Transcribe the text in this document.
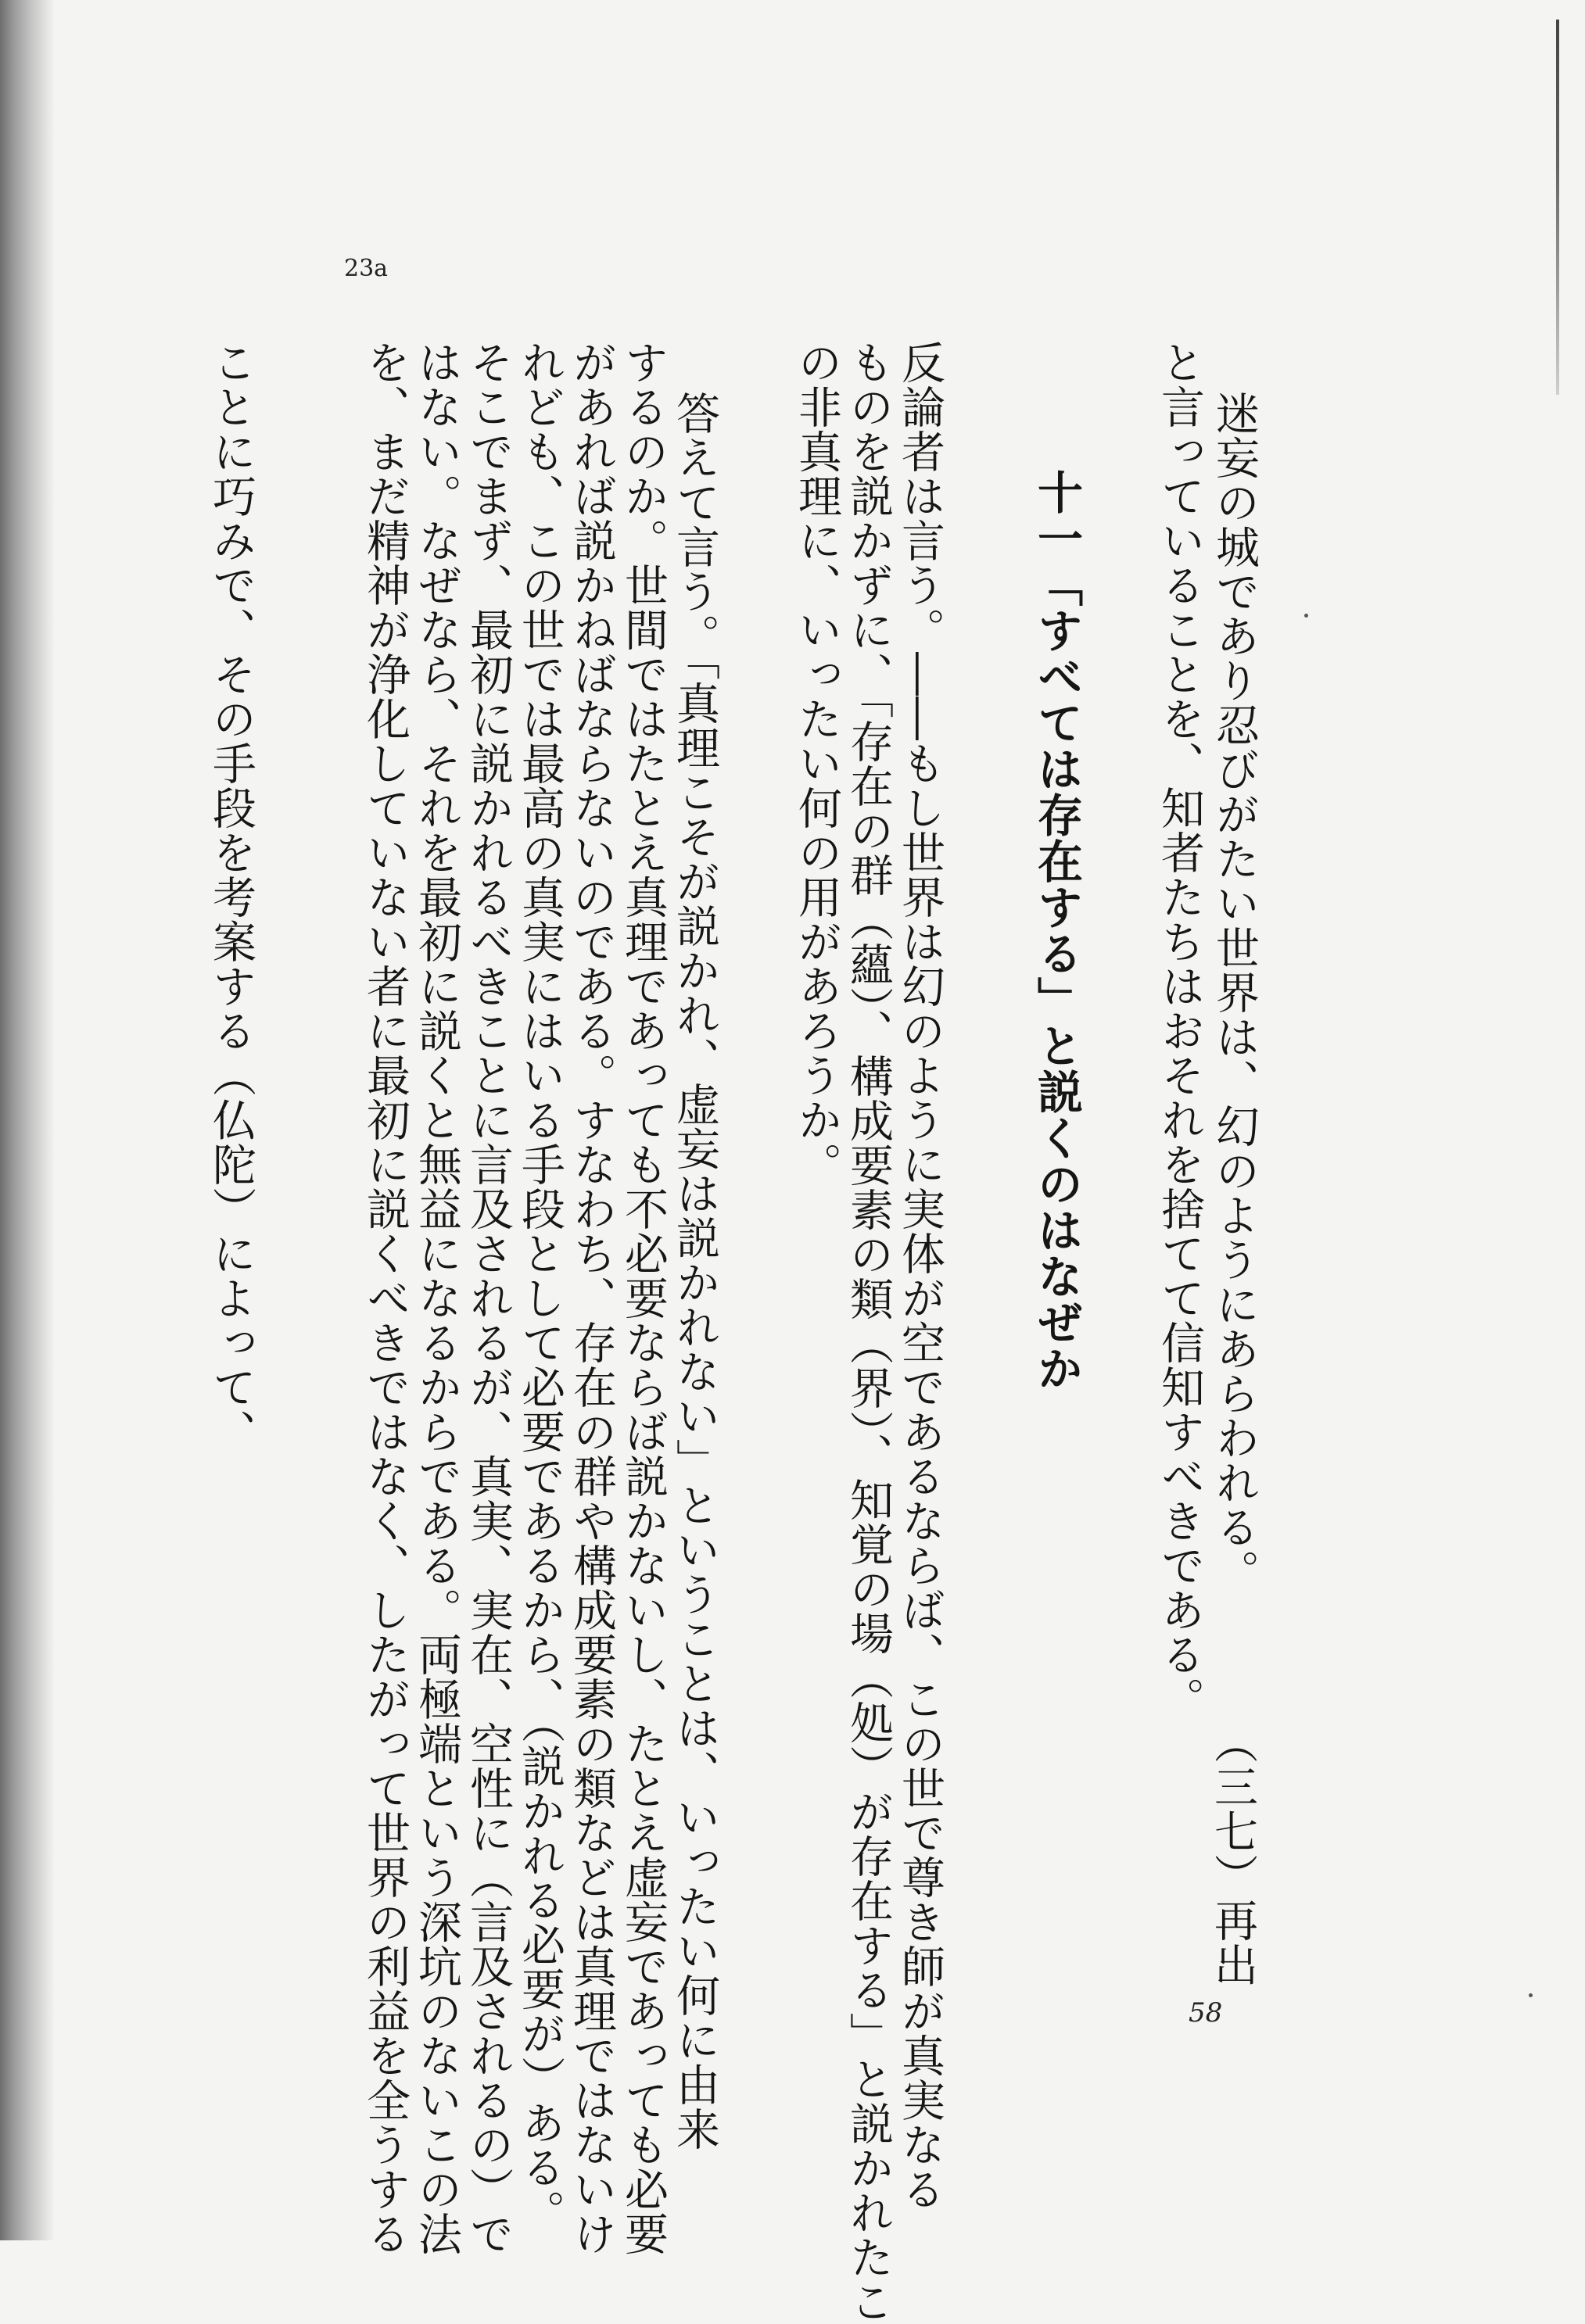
迷妄の城であり忍びがたい世界は、幻のようにあらわれる。
と言っていることを、知者たちはおそれを捨てて信知すべきである。
十一「すべては存在する」と説くのはなぜか
反論者は言う。――もし世界は幻のように実体が空であるならば、この世で尊き師が真実なる
ものを説かずに、「存在の群（蘊）、構成要素の類（界）、知覚の場（処）が存在する」と説かれたこ
の非真理に、いったい何の用があろうか。
答えて言う。「真理こそが説かれ、虚妄は説かれない」ということは、いったい何に由来
するのか。世間ではたとえ真理であっても不必要ならば説かないし、たとえ虚妄であっても必要
があれば説かねばならないのである。すなわち、存在の群や構成要素の類などは真理ではないけ
れども、この世では最高の真実にはいる手段として必要であるから、（説かれる必要が）ある。
そこでまず、最初に説かれるべきことに言及されるが、真実、実在、空性に（言及されるの）で
はない。なぜなら、それを最初に説くと無益になるからである。両極端という深坑のないこの法
を、まだ精神が浄化していない者に最初に説くべきではなく、したがって世界の利益を全うする
ことに巧みで、その手段を考案する（仏陀）によって、
（三七）再出
23a
58
